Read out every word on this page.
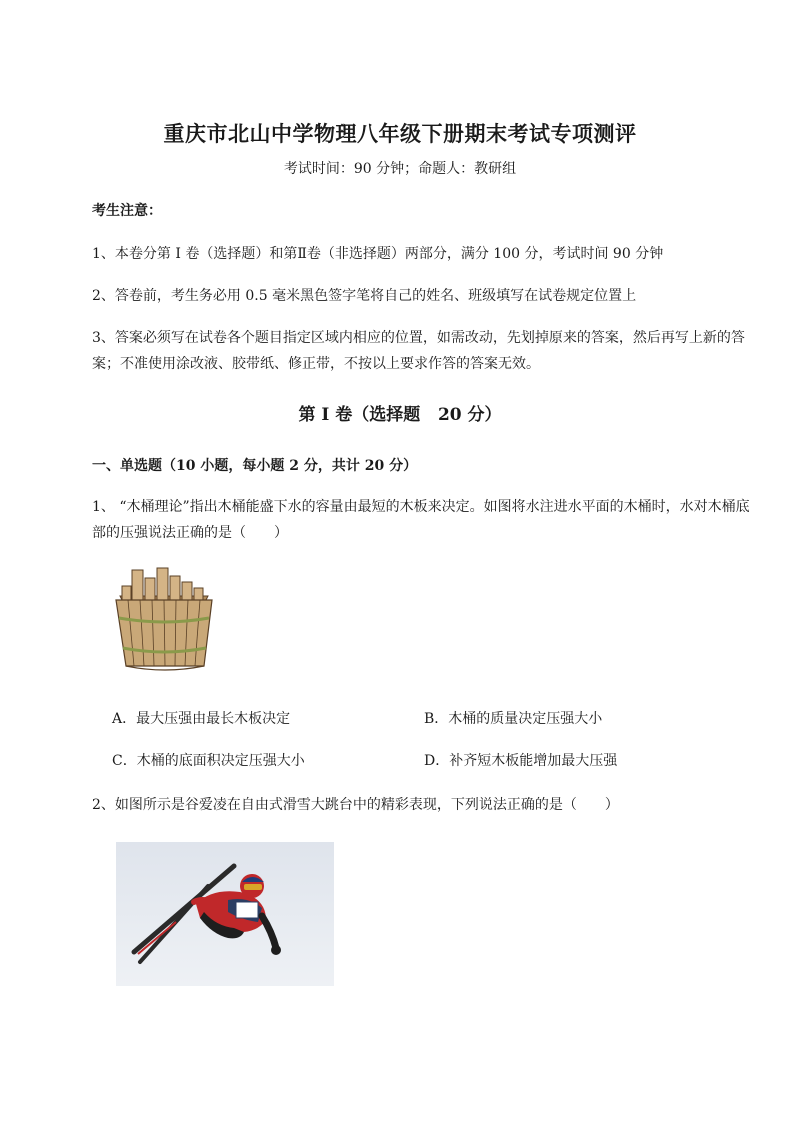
重庆市北山中学物理八年级下册期末考试专项测评
考试时间：90 分钟；命题人：教研组
考生注意：
1、本卷分第 I 卷（选择题）和第Ⅱ卷（非选择题）两部分，满分 100 分，考试时间 90 分钟
2、答卷前，考生务必用 0.5 毫米黑色签字笔将自己的姓名、班级填写在试卷规定位置上
3、答案必须写在试卷各个题目指定区域内相应的位置，如需改动，先划掉原来的答案，然后再写上新的答案；不准使用涂改液、胶带纸、修正带，不按以上要求作答的答案无效。
第 I 卷（选择题   20 分）
一、单选题（10 小题，每小题 2 分，共计 20 分）
1、 “木桶理论”指出木桶能盛下水的容量由最短的木板来决定。如图将水注进水平面的木桶时，水对木桶底部的压强说法正确的是（　　）
A．最大压强由最长木板决定	B．木桶的质量决定压强大小
C．木桶的底面积决定压强大小	D．补齐短木板能增加最大压强
2、如图所示是谷爱凌在自由式滑雪大跳台中的精彩表现，下列说法正确的是（　　）
